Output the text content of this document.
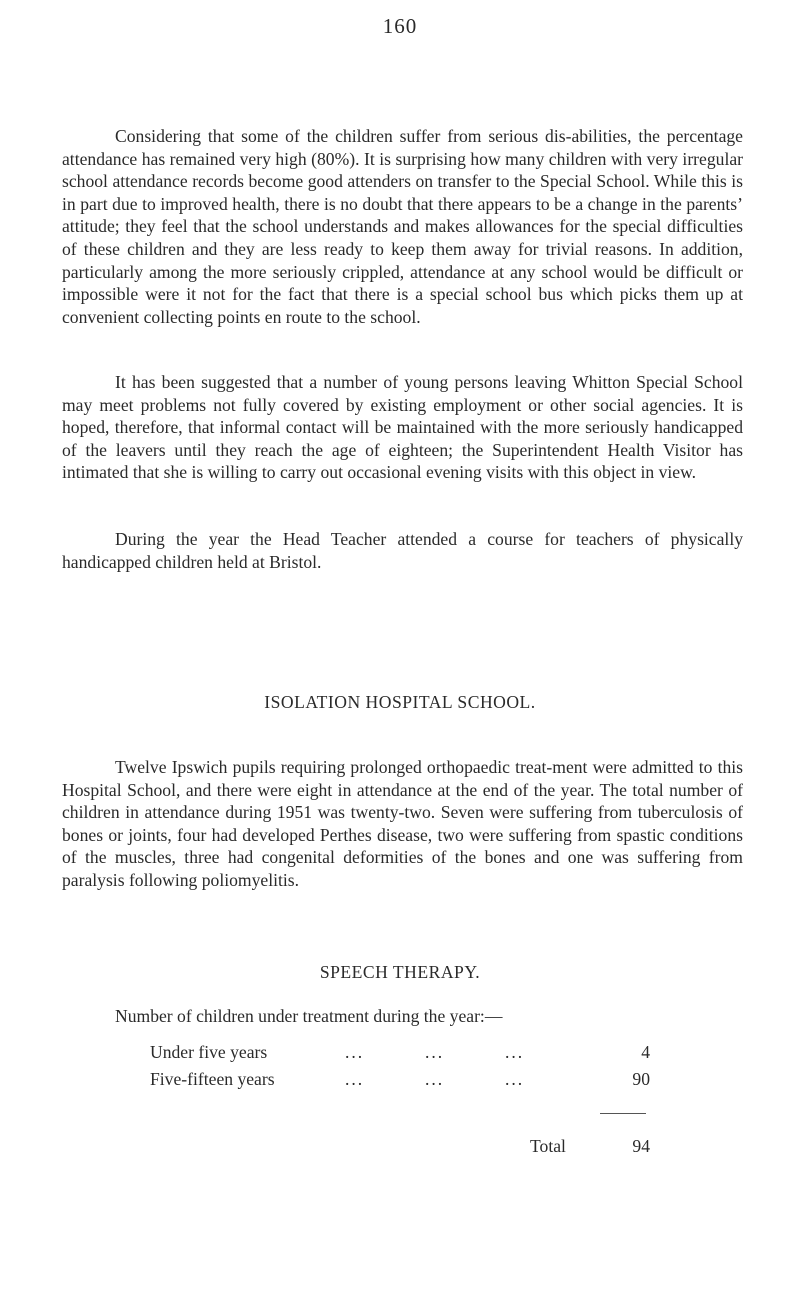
160

Considering that some of the children suffer from serious dis-abilities, the percentage attendance has remained very high (80%). It is surprising how many children with very irregular school attendance records become good attenders on transfer to the Special School. While this is in part due to improved health, there is no doubt that there appears to be a change in the parents’ attitude; they feel that the school understands and makes allowances for the special difficulties of these children and they are less ready to keep them away for trivial reasons. In addition, particularly among the more seriously crippled, attendance at any school would be difficult or impossible were it not for the fact that there is a special school bus which picks them up at convenient collecting points en route to the school.

It has been suggested that a number of young persons leaving Whitton Special School may meet problems not fully covered by existing employment or other social agencies. It is hoped, therefore, that informal contact will be maintained with the more seriously handicapped of the leavers until they reach the age of eighteen; the Superintendent Health Visitor has intimated that she is willing to carry out occasional evening visits with this object in view.

During the year the Head Teacher attended a course for teachers of physically handicapped children held at Bristol.

ISOLATION HOSPITAL SCHOOL.

Twelve Ipswich pupils requiring prolonged orthopaedic treat-ment were admitted to this Hospital School, and there were eight in attendance at the end of the year. The total number of children in attendance during 1951 was twenty-two. Seven were suffering from tuberculosis of bones or joints, four had developed Perthes disease, two were suffering from spastic conditions of the muscles, three had congenital deformities of the bones and one was suffering from paralysis following poliomyelitis.

SPEECH THERAPY.
Number of children under treatment during the year:—
Under five years	...	...	...	4
Five-fifteen years	...	...	...	90
Total	94
